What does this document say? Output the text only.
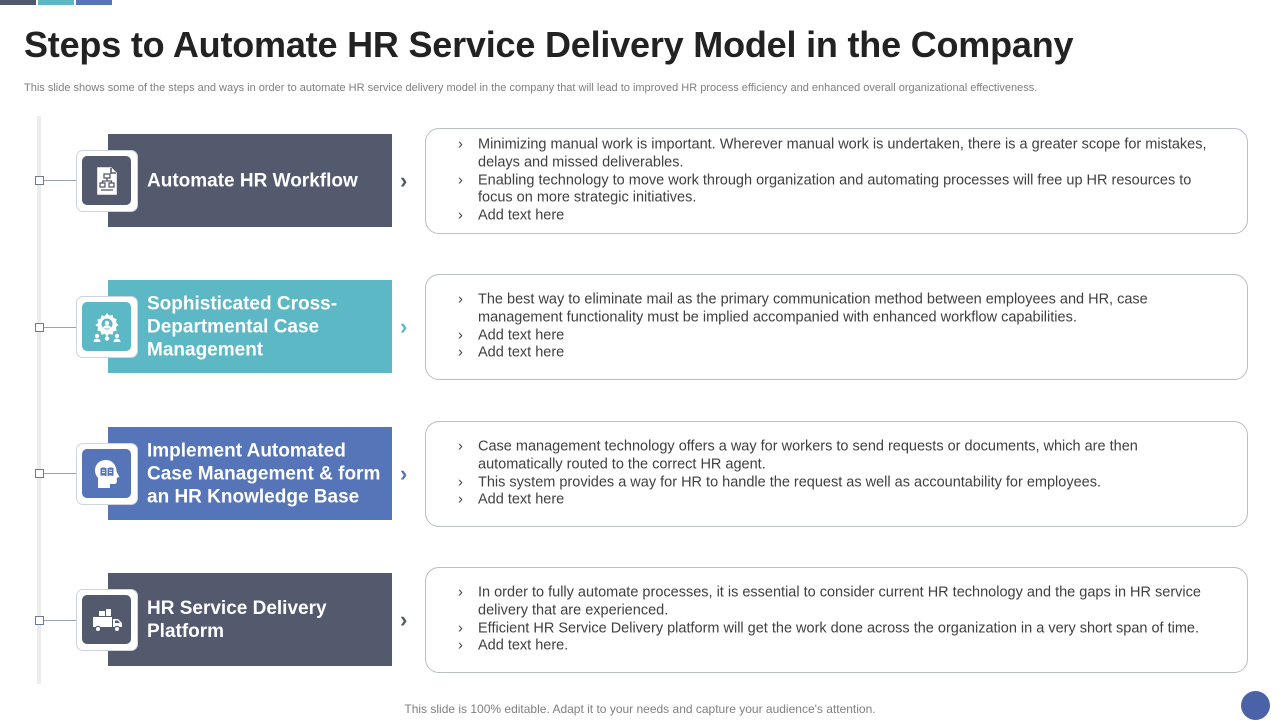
Steps to Automate HR Service Delivery Model in the Company

This slide shows some of the steps and ways in order to automate HR service delivery model in the company that will lead to improved HR process efficiency and enhanced overall organizational effectiveness.

Automate HR Workflow	›
› Minimizing manual work is important. Wherever manual work is undertaken, there is a greater scope for mistakes, delays and missed deliverables.
› Enabling technology to move work through organization and automating processes will free up HR resources to focus on more strategic initiatives.
› Add text here
Sophisticated Cross-Departmental Case Management
›
› The best way to eliminate mail as the primary communication method between employees and HR, case management functionality must be implied accompanied with enhanced workflow capabilities.
› Add text here
› Add text here
Implement Automated Case Management & form an HR Knowledge Base
›
› Case management technology offers a way for workers to send requests or documents, which are then automatically routed to the correct HR agent.
› This system provides a way for HR to handle the request as well as accountability for employees.
› Add text here
HR Service Delivery Platform	›
› In order to fully automate processes, it is essential to consider current HR technology and the gaps in HR service delivery that are experienced.
› Efficient HR Service Delivery platform will get the work done across the organization in a very short span of time.
› Add text here.
This slide is 100% editable. Adapt it to your needs and capture your audience's attention.
